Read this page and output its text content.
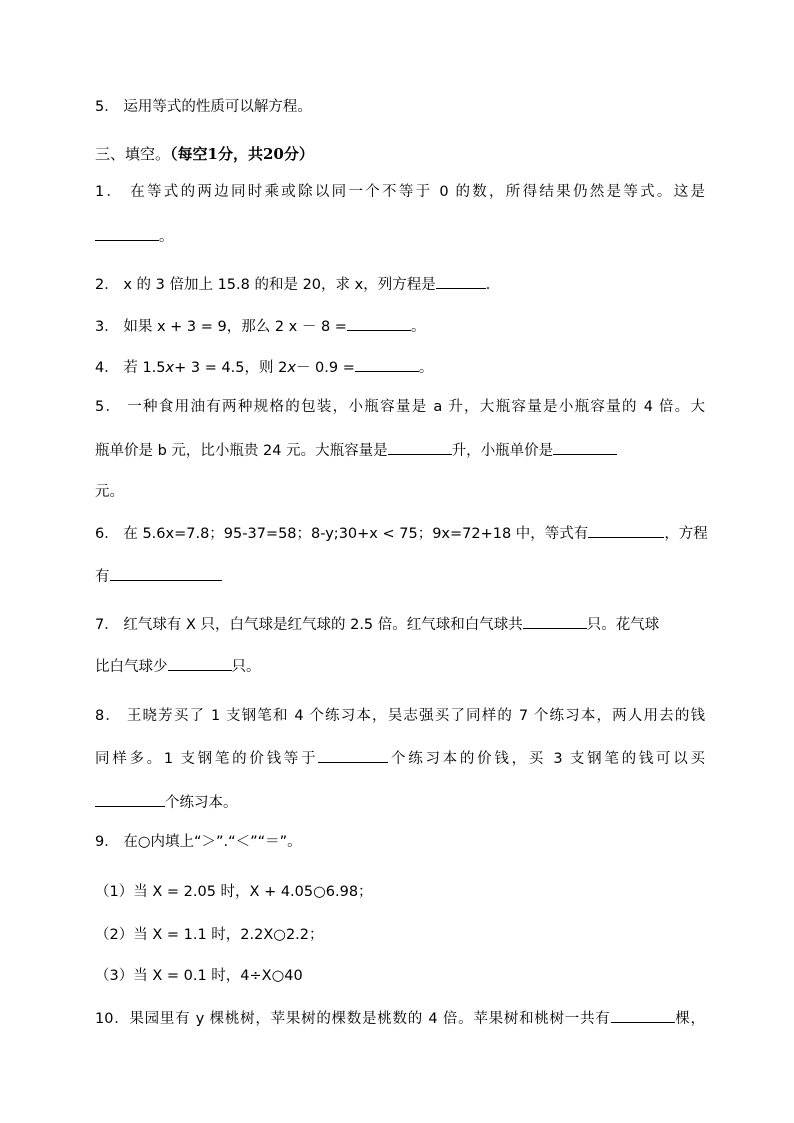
5． 运用等式的性质可以解方程。
三、填空。（每空1分，共20分）
1． 在等式的两边同时乘或除以同一个不等于 0 的数，所得结果仍然是等式。这是
。
2． x 的 3 倍加上 15.8 的和是 20，求 x，列方程是	．
3． 如果 x + 3 = 9，那么 2 x － 8 =	。
4． 若 1.5x+ 3 = 4.5，则 2x－ 0.9 =	。
5． 一种食用油有两种规格的包装，小瓶容量是 a 升，大瓶容量是小瓶容量的 4 倍。大
瓶单价是 b 元，比小瓶贵 24 元。大瓶容量是	升，小瓶单价是
元。
6． 在 5.6x=7.8；95-37=58；8-y;30+x < 75；9x=72+18 中，等式有	，方程
有
7． 红气球有 X 只，白气球是红气球的 2.5 倍。红气球和白气球共	只。花气球
比白气球少	只。
8． 王晓芳买了 1 支钢笔和 4 个练习本，吴志强买了同样的 7 个练习本，两人用去的钱
同样多。1 支钢笔的价钱等于	个练习本的价钱，买 3 支钢笔的钱可以买
个练习本。
9． 在○内填上“＞”.“＜”“＝”。
（1）当 X = 2.05 时，X + 4.05○6.98；
（2）当 X = 1.1 时，2.2X○2.2；
（3）当 X = 0.1 时，4÷X○40
10．果园里有 y 棵桃树，苹果树的棵数是桃数的 4 倍。苹果树和桃树一共有	棵，
